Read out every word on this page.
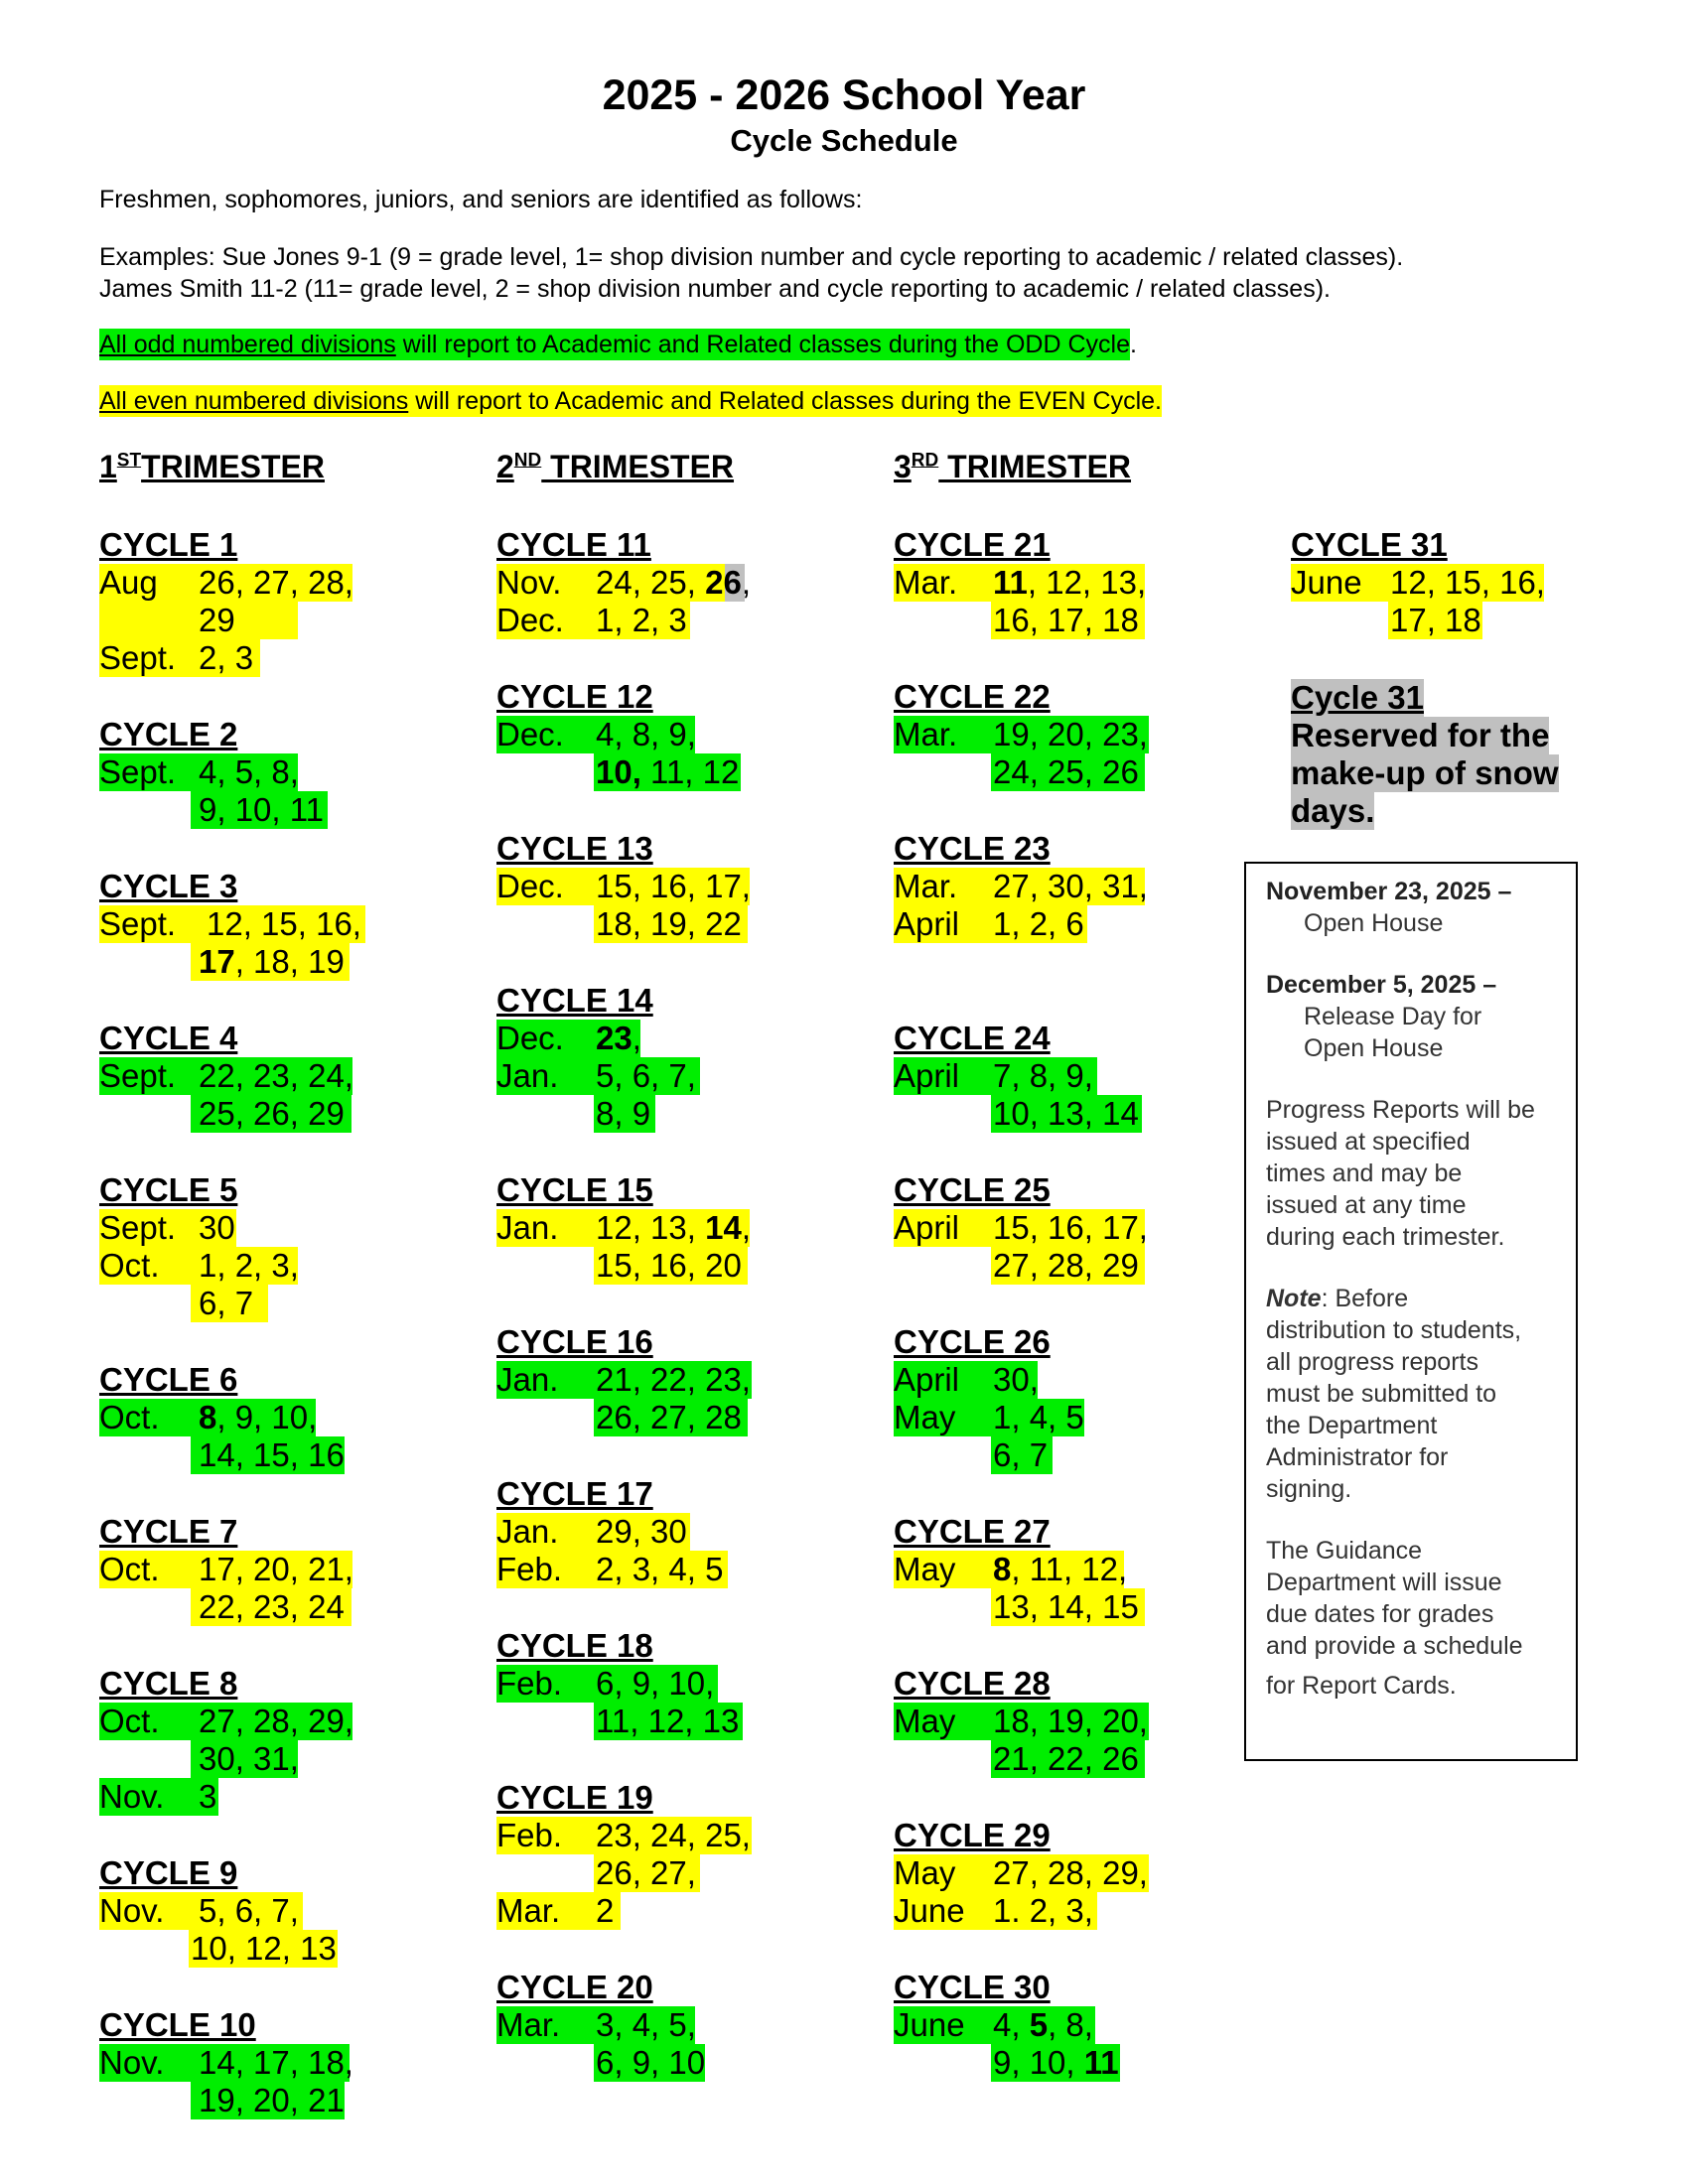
2025 - 2026 School Year
Cycle Schedule
Freshmen, sophomores, juniors, and seniors are identified as follows:
Examples: Sue Jones 9-1 (9 = grade level, 1= shop division number and cycle reporting to academic / related classes).
James Smith 11-2 (11= grade level, 2 = shop division number and cycle reporting to academic / related classes).
All odd numbered divisions will report to Academic and Related classes during the ODD Cycle.
All even numbered divisions will report to Academic and Related classes during the EVEN Cycle.
1STTRIMESTER	2ND TRIMESTER	3RD TRIMESTER
CYCLE 1
Aug 26, 27, 28,
29
Sept. 2, 3
CYCLE 2
Sept. 4, 5, 8,
9, 10, 11
CYCLE 3
Sept. 12, 15, 16,
17, 18, 19
CYCLE 4
Sept. 22, 23, 24,
25, 26, 29
CYCLE 5
Sept. 30
Oct. 1, 2, 3,
6, 7
CYCLE 6
Oct. 8, 9, 10,
14, 15, 16
CYCLE 7
Oct. 17, 20, 21,
22, 23, 24
CYCLE 8
Oct. 27, 28, 29,
30, 31,
Nov. 3
CYCLE 9
Nov. 5, 6, 7,
10, 12, 13
CYCLE 10
Nov. 14, 17, 18,
19, 20, 21
CYCLE 11
Nov. 24, 25, 26,
Dec. 1, 2, 3
CYCLE 12
Dec. 4, 8, 9,
10, 11, 12
CYCLE 13
Dec. 15, 16, 17,
18, 19, 22
CYCLE 14
Dec. 23,
Jan. 5, 6, 7,
8, 9
CYCLE 15
Jan. 12, 13, 14,
15, 16, 20
CYCLE 16
Jan. 21, 22, 23,
26, 27, 28
CYCLE 17
Jan. 29, 30
Feb. 2, 3, 4, 5
CYCLE 18
Feb. 6, 9, 10,
11, 12, 13
CYCLE 19
Feb. 23, 24, 25,
26, 27,
Mar. 2
CYCLE 20
Mar. 3, 4, 5,
6, 9, 10
CYCLE 21
Mar. 11, 12, 13,
16, 17, 18
CYCLE 22
Mar. 19, 20, 23,
24, 25, 26
CYCLE 23
Mar. 27, 30, 31,
April 1, 2, 6
CYCLE 24
April 7, 8, 9,
10, 13, 14
CYCLE 25
April 15, 16, 17,
27, 28, 29
CYCLE 26
April 30,
May 1, 4, 5
6, 7
CYCLE 27
May 8, 11, 12,
13, 14, 15
CYCLE 28
May 18, 19, 20,
21, 22, 26
CYCLE 29
May 27, 28, 29,
June 1. 2, 3,
CYCLE 30
June 4, 5, 8,
9, 10, 11
CYCLE 31
June 12, 15, 16,
17, 18
Cycle 31
Reserved for the
make-up of snow
days.

November 23, 2025 –

Open House

December 5, 2025 –

Release Day for

Open House

Progress Reports will be

issued at specified

times and may be

issued at any time

during each trimester.

Note: Before

distribution to students,

all progress reports

must be submitted to

the Department

Administrator for

signing.

The Guidance

Department will issue

due dates for grades

and provide a schedule

for Report Cards.
